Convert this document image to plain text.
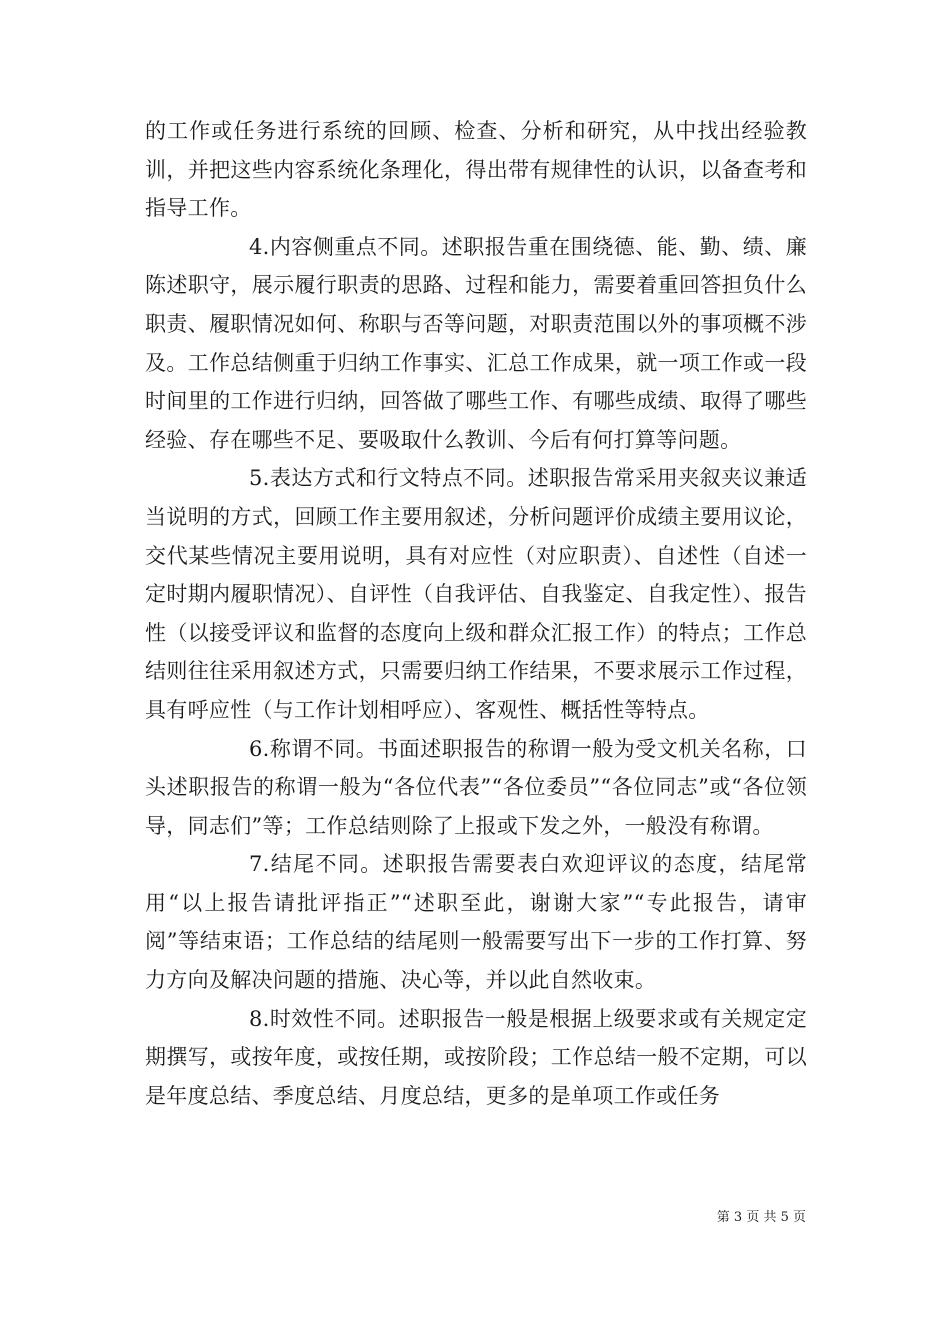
的工作或任务进行系统的回顾、检查、分析和研究，从中找出经验教训，并把这些内容系统化条理化，得出带有规律性的认识，以备查考和指导工作。

4.内容侧重点不同。述职报告重在围绕德、能、勤、绩、廉陈述职守，展示履行职责的思路、过程和能力，需要着重回答担负什么职责、履职情况如何、称职与否等问题，对职责范围以外的事项概不涉及。工作总结侧重于归纳工作事实、汇总工作成果，就一项工作或一段时间里的工作进行归纳，回答做了哪些工作、有哪些成绩、取得了哪些经验、存在哪些不足、要吸取什么教训、今后有何打算等问题。

5.表达方式和行文特点不同。述职报告常采用夹叙夹议兼适当说明的方式，回顾工作主要用叙述，分析问题评价成绩主要用议论，交代某些情况主要用说明，具有对应性（对应职责）、自述性（自述一定时期内履职情况）、自评性（自我评估、自我鉴定、自我定性）、报告性（以接受评议和监督的态度向上级和群众汇报工作）的特点；工作总结则往往采用叙述方式，只需要归纳工作结果，不要求展示工作过程，具有呼应性（与工作计划相呼应）、客观性、概括性等特点。

6.称谓不同。书面述职报告的称谓一般为受文机关名称，口头述职报告的称谓一般为“各位代表”“各位委员”“各位同志”或“各位领导，同志们”等；工作总结则除了上报或下发之外，一般没有称谓。

7.结尾不同。述职报告需要表白欢迎评议的态度，结尾常用“以上报告请批评指正”“述职至此，谢谢大家”“专此报告，请审阅”等结束语；工作总结的结尾则一般需要写出下一步的工作打算、努力方向及解决问题的措施、决心等，并以此自然收束。

8.时效性不同。述职报告一般是根据上级要求或有关规定定期撰写，或按年度，或按任期，或按阶段；工作总结一般不定期，可以是年度总结、季度总结、月度总结，更多的是单项工作或任务

第 3 页 共 5 页
